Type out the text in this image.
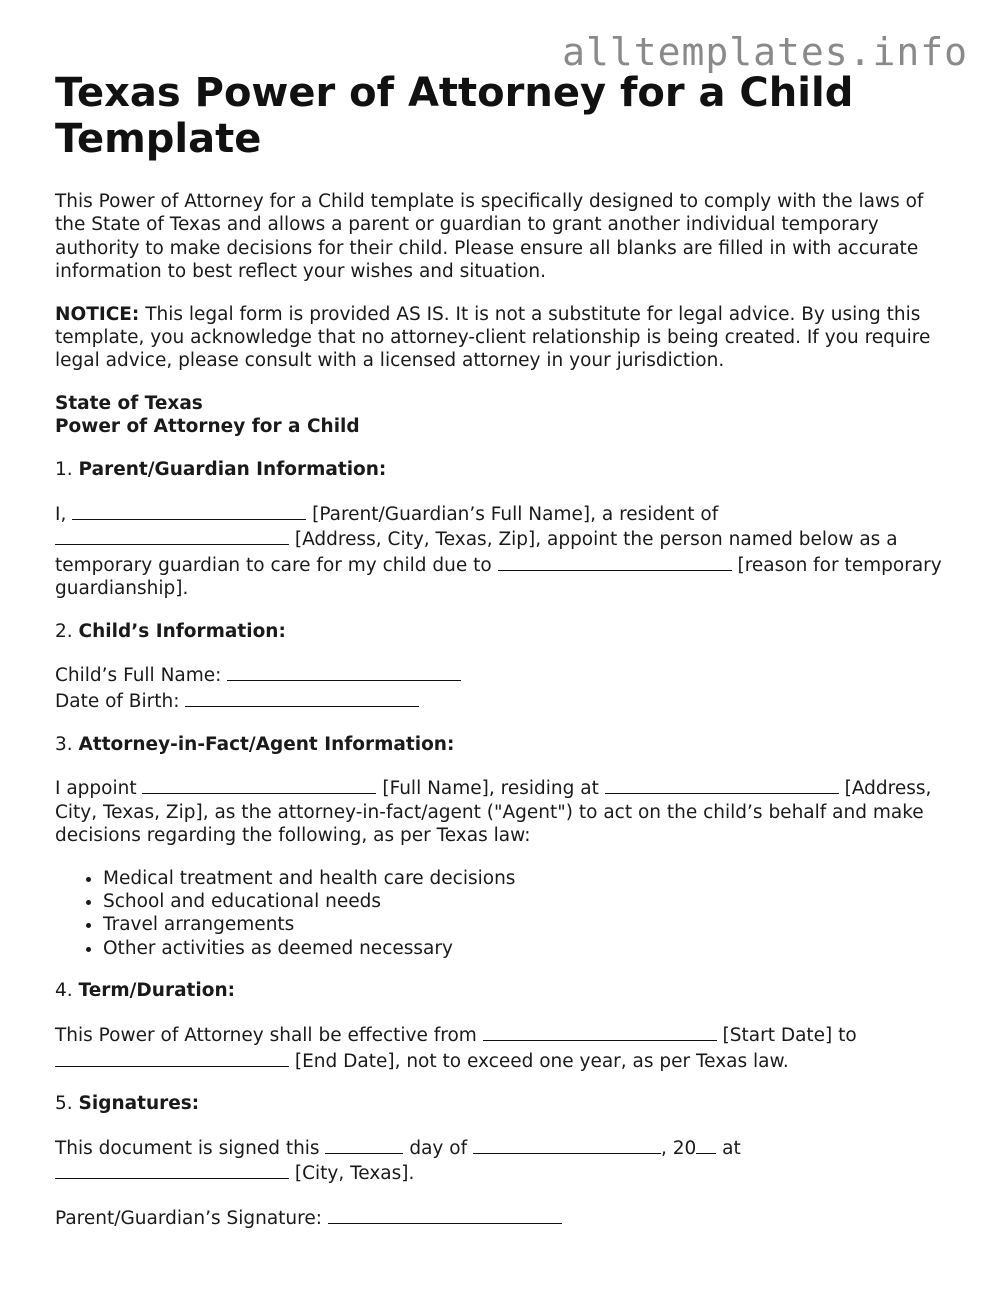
alltemplates.info
Texas Power of Attorney for a Child Template

This Power of Attorney for a Child template is specifically designed to comply with the laws of the State of Texas and allows a parent or guardian to grant another individual temporary authority to make decisions for their child. Please ensure all blanks are filled in with accurate information to best reflect your wishes and situation.

NOTICE: This legal form is provided AS IS. It is not a substitute for legal advice. By using this template, you acknowledge that no attorney-client relationship is being created. If you require legal advice, please consult with a licensed attorney in your jurisdiction.

State of Texas
Power of Attorney for a Child

1. Parent/Guardian Information:

I,	[Parent/Guardian’s Full Name], a resident of  [Address, City, Texas, Zip], appoint the person named below as a temporary guardian to care for my child due to	[reason for temporary guardianship].

2. Child’s Information:

Child’s Full Name:
Date of Birth:

3. Attorney-in-Fact/Agent Information:

I appoint	[Full Name], residing at	[Address, City, Texas, Zip], as the attorney-in-fact/agent ("Agent") to act on the child’s behalf and make decisions regarding the following, as per Texas law:

• Medical treatment and health care decisions
• School and educational needs
• Travel arrangements
• Other activities as deemed necessary

4. Term/Duration:

This Power of Attorney shall be effective from	[Start Date] to  [End Date], not to exceed one year, as per Texas law.

5. Signatures:

This document is signed this	day of	, 20 at
[City, Texas].

Parent/Guardian’s Signature:
